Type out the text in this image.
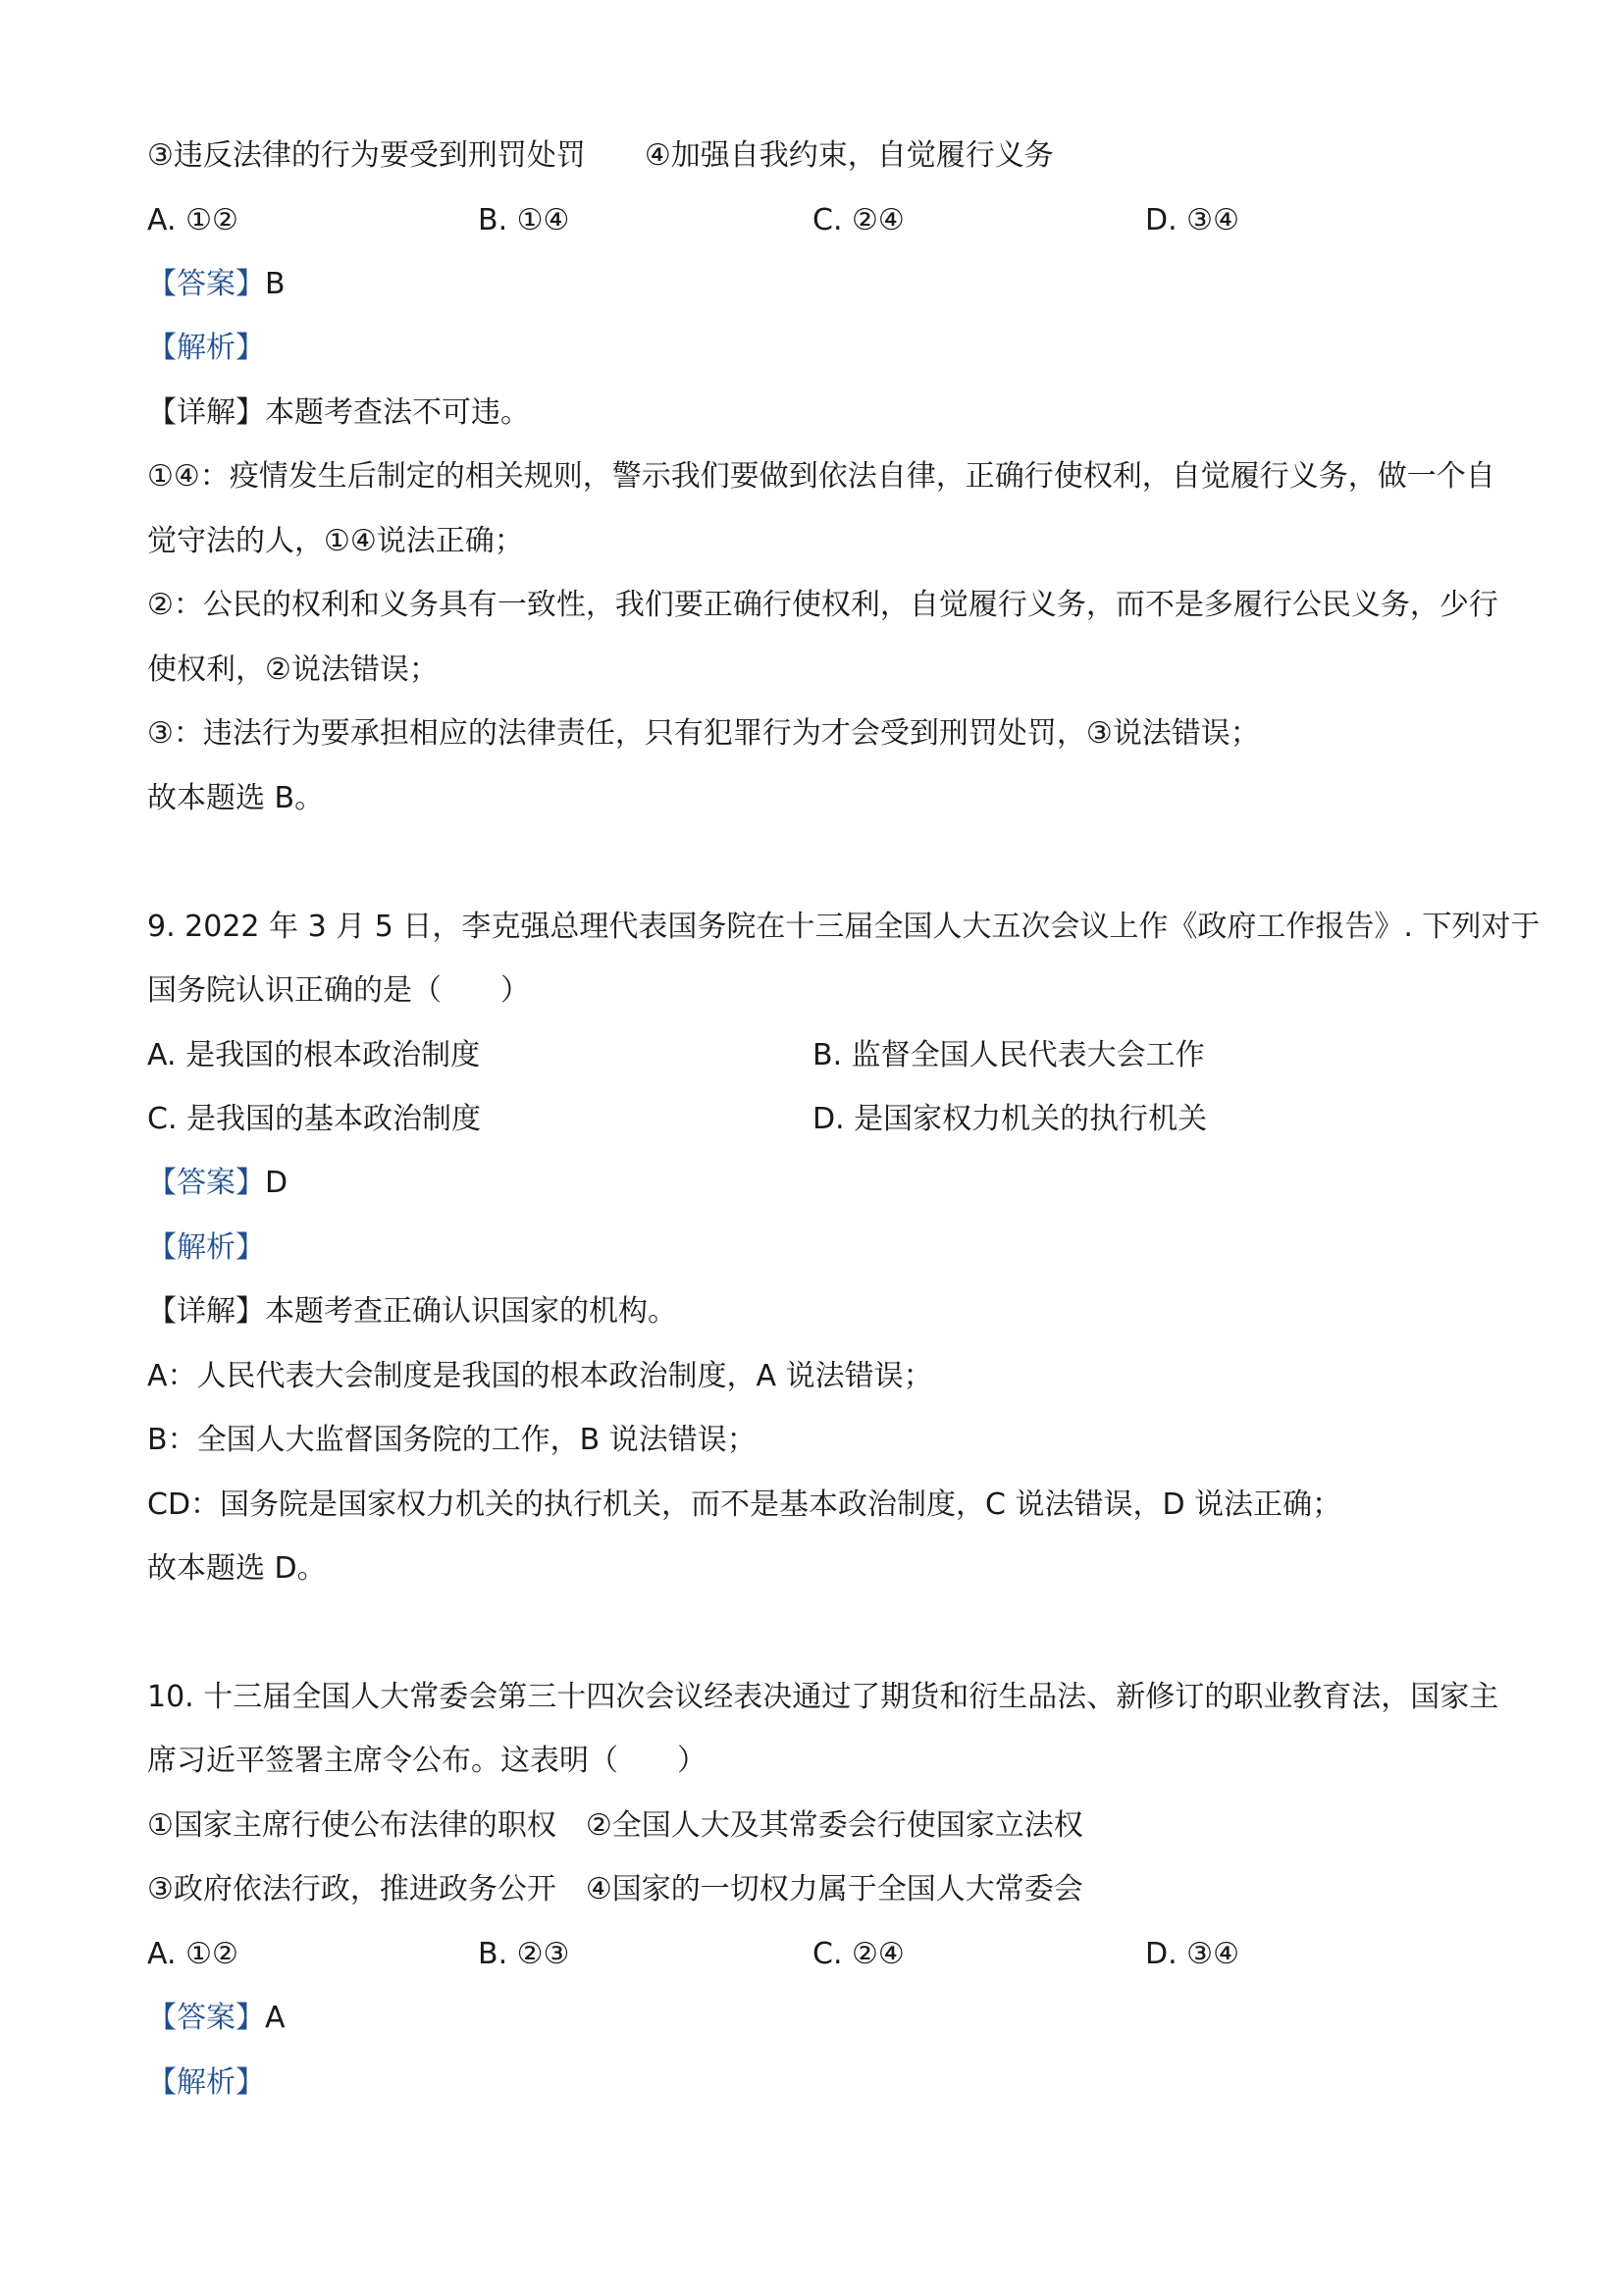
③违反法律的行为要受到刑罚处罚　　④加强自我约束，自觉履行义务
A. ①②	B. ①④	C. ②④	D. ③④
【答案】B
【解析】
【详解】本题考查法不可违。
①④：疫情发生后制定的相关规则，警示我们要做到依法自律，正确行使权利，自觉履行义务，做一个自
觉守法的人，①④说法正确；
②：公民的权利和义务具有一致性，我们要正确行使权利，自觉履行义务，而不是多履行公民义务，少行
使权利，②说法错误；
③：违法行为要承担相应的法律责任，只有犯罪行为才会受到刑罚处罚，③说法错误；
故本题选 B。
9. 2022 年 3 月 5 日，李克强总理代表国务院在十三届全国人大五次会议上作《政府工作报告》. 下列对于
国务院认识正确的是（　　）
A. 是我国的根本政治制度	B. 监督全国人民代表大会工作
C. 是我国的基本政治制度	D. 是国家权力机关的执行机关
【答案】D
【解析】
【详解】本题考查正确认识国家的机构。
A：人民代表大会制度是我国的根本政治制度，A 说法错误；
B：全国人大监督国务院的工作，B 说法错误；
CD：国务院是国家权力机关的执行机关，而不是基本政治制度，C 说法错误，D 说法正确；
故本题选 D。
10. 十三届全国人大常委会第三十四次会议经表决通过了期货和衍生品法、新修订的职业教育法，国家主
席习近平签署主席令公布。这表明（　　）
①国家主席行使公布法律的职权　②全国人大及其常委会行使国家立法权
③政府依法行政，推进政务公开　④国家的一切权力属于全国人大常委会
A. ①②	B. ②③	C. ②④	D. ③④
【答案】A
【解析】
